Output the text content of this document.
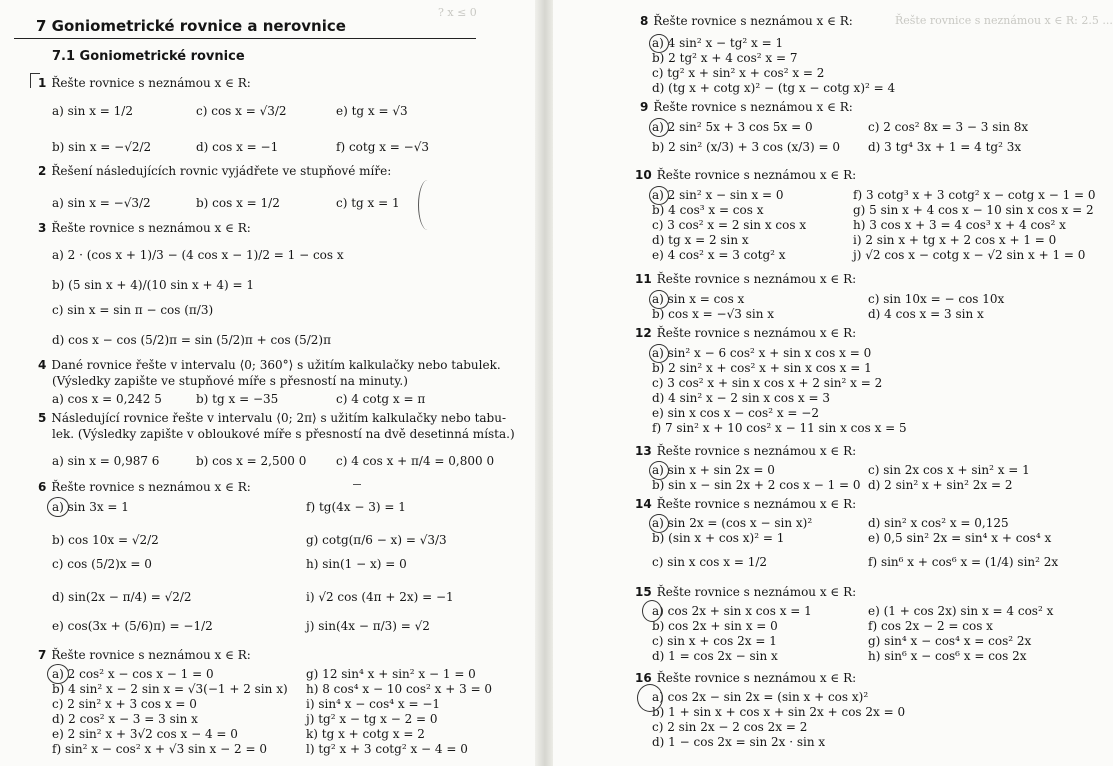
? x ≤ 0
7 Goniometrické rovnice a nerovnice
7.1 Goniometrické rovnice
1 Řešte rovnice s neznámou x ∈ R:
a) sin x = 1/2	c) cos x = √3/2	e) tg x = √3
b) sin x = −√2/2	d) cos x = −1	f) cotg x = −√3
2 Řešení následujících rovnic vyjádřete ve stupňové míře:
a) sin x = −√3/2	b) cos x = 1/2	c) tg x = 1
3 Řešte rovnice s neznámou x ∈ R:
a) 2 · (cos x + 1)/3 − (4 cos x − 1)/2 = 1 − cos x
b) (5 sin x + 4)/(10 sin x + 4) = 1
c) sin x = sin π − cos (π/3)
d) cos x − cos (5/2)π = sin (5/2)π + cos (5/2)π
4 Dané rovnice řešte v intervalu ⟨0; 360°⟩ s užitím kalkulačky nebo tabulek.
(Výsledky zapište ve stupňové míře s přesností na minuty.)
a) cos x = 0,242 5	b) tg x = −35	c) 4 cotg x = π
5 Následující rovnice řešte v intervalu ⟨0; 2π⟩ s užitím kalkulačky nebo tabu-
lek. (Výsledky zapište v obloukové míře s přesností na dvě desetinná místa.)
a) sin x = 0,987 6	b) cos x = 2,500 0 c) 4 cos x + π/4 = 0,800 0
6 Řešte rovnice s neznámou x ∈ R:
a) sin 3x = 1	f) tg(4x − 3) = 1
b) cos 10x = √2/2	g) cotg(π/6 − x) = √3/3
c) cos (5/2)x = 0	h) sin(1 − x) = 0
d) sin(2x − π/4) = √2/2	i) √2 cos (4π + 2x) = −1
e) cos(3x + (5/6)π) = −1/2	j) sin(4x − π/3) = √2
7 Řešte rovnice s neznámou x ∈ R:
a) 2 cos² x − cos x − 1 = 0	g) 12 sin⁴ x + sin² x − 1 = 0
b) 4 sin² x − 2 sin x = √3(−1 + 2 sin x) h) 8 cos⁴ x − 10 cos² x + 3 = 0
c) 2 sin² x + 3 cos x = 0	i) sin⁴ x − cos⁴ x = −1
d) 2 cos² x − 3 = 3 sin x	j) tg² x − tg x − 2 = 0
e) 2 sin² x + 3√2 cos x − 4 = 0	k) tg x + cotg x = 2
f) sin² x − cos² x + √3 sin x − 2 = 0	l) tg² x + 3 cotg² x − 4 = 0
Řešte rovnice s neznámou x ∈ R: 2.5 ...
8 Řešte rovnice s neznámou x ∈ R:
a) 4 sin² x − tg² x = 1
b) 2 tg² x + 4 cos² x = 7
c) tg² x + sin² x + cos² x = 2
d) (tg x + cotg x)² − (tg x − cotg x)² = 4
9 Řešte rovnice s neznámou x ∈ R:
a) 2 sin² 5x + 3 cos 5x = 0	c) 2 cos² 8x = 3 − 3 sin 8x
b) 2 sin² (x/3) + 3 cos (x/3) = 0 d) 3 tg⁴ 3x + 1 = 4 tg² 3x
10 Řešte rovnice s neznámou x ∈ R:
a) 2 sin² x − sin x = 0	f) 3 cotg³ x + 3 cotg² x − cotg x − 1 = 0
b) 4 cos³ x = cos x	g) 5 sin x + 4 cos x − 10 sin x cos x = 2
c) 3 cos² x = 2 sin x cos x	h) 3 cos x + 3 = 4 cos³ x + 4 cos² x
d) tg x = 2 sin x	i) 2 sin x + tg x + 2 cos x + 1 = 0
e) 4 cos² x = 3 cotg² x	j) √2 cos x − cotg x − √2 sin x + 1 = 0
11 Řešte rovnice s neznámou x ∈ R:
a) sin x = cos x	c) sin 10x = − cos 10x
b) cos x = −√3 sin x	d) 4 cos x = 3 sin x
12 Řešte rovnice s neznámou x ∈ R:
a) sin² x − 6 cos² x + sin x cos x = 0
b) 2 sin² x + cos² x + sin x cos x = 1
c) 3 cos² x + sin x cos x + 2 sin² x = 2
d) 4 sin² x − 2 sin x cos x = 3
e) sin x cos x − cos² x = −2
f) 7 sin² x + 10 cos² x − 11 sin x cos x = 5
13 Řešte rovnice s neznámou x ∈ R:
a) sin x + sin 2x = 0	c) sin 2x cos x + sin² x = 1
b) sin x − sin 2x + 2 cos x − 1 = 0 d) 2 sin² x + sin² 2x = 2
14 Řešte rovnice s neznámou x ∈ R:
a) sin 2x = (cos x − sin x)²	d) sin² x cos² x = 0,125
b) (sin x + cos x)² = 1	e) 0,5 sin² 2x = sin⁴ x + cos⁴ x
c) sin x cos x = 1/2	f) sin⁶ x + cos⁶ x = (1/4) sin² 2x
15 Řešte rovnice s neznámou x ∈ R:
a) cos 2x + sin x cos x = 1	e) (1 + cos 2x) sin x = 4 cos² x
b) cos 2x + sin x = 0	f) cos 2x − 2 = cos x
c) sin x + cos 2x = 1	g) sin⁴ x − cos⁴ x = cos² 2x
d) 1 = cos 2x − sin x	h) sin⁶ x − cos⁶ x = cos 2x
16 Řešte rovnice s neznámou x ∈ R:
a) cos 2x − sin 2x = (sin x + cos x)²
b) 1 + sin x + cos x + sin 2x + cos 2x = 0
c) 2 sin 2x − 2 cos 2x = 2
d) 1 − cos 2x = sin 2x · sin x
